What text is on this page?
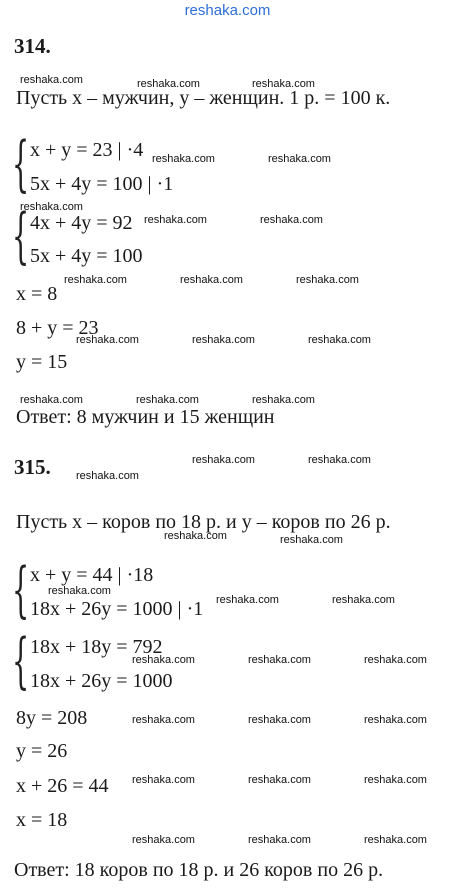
reshaka.com
314.
Пусть x – мужчин, y – женщин. 1 р. = 100 к.
{ x + y = 23 | ·4
5x + 4y = 100 | ·1
{ 4x + 4y = 92
5x + 4y = 100
x = 8
8 + y = 23
y = 15
Ответ: 8 мужчин и 15 женщин
315.
Пусть x – коров по 18 р. и y – коров по 26 р.
{ x + y = 44 | ·18
18x + 26y = 1000 | ·1
{ 18x + 18y = 792
18x + 26y = 1000
8y = 208
y = 26
x + 26 = 44
x = 18
Ответ: 18 коров по 18 р. и 26 коров по 26 р.
reshaka.com	reshaka.com	reshaka.com
reshaka.com	reshaka.com
reshaka.com
reshaka.com	reshaka.com
reshaka.com	reshaka.com	reshaka.com
reshaka.com	reshaka.com	reshaka.com
reshaka.com	reshaka.com	reshaka.com
reshaka.com
reshaka.com	reshaka.com
reshaka.com	reshaka.com
reshaka.com
reshaka.com	reshaka.com
reshaka.com	reshaka.com	reshaka.com
reshaka.com	reshaka.com	reshaka.com
reshaka.com	reshaka.com	reshaka.com
reshaka.com	reshaka.com	reshaka.com
